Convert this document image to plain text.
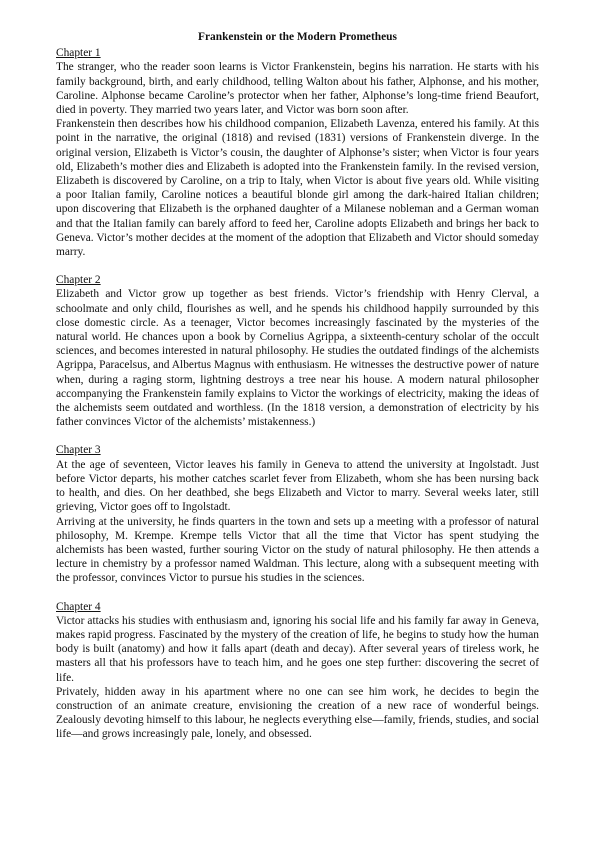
Frankenstein or the Modern Prometheus
Chapter 1

The stranger, who the reader soon learns is Victor Frankenstein, begins his narration. He starts with his family background, birth, and early childhood, telling Walton about his father, Alphonse, and his mother, Caroline. Alphonse became Caroline’s protector when her father, Alphonse’s long-time friend Beaufort, died in poverty. They married two years later, and Victor was born soon after.

Frankenstein then describes how his childhood companion, Elizabeth Lavenza, entered his family. At this point in the narrative, the original (1818) and revised (1831) versions of Frankenstein diverge. In the original version, Elizabeth is Victor’s cousin, the daughter of Alphonse’s sister; when Victor is four years old, Elizabeth’s mother dies and Elizabeth is adopted into the Frankenstein family. In the revised version, Elizabeth is discovered by Caroline, on a trip to Italy, when Victor is about five years old. While visiting a poor Italian family, Caroline notices a beautiful blonde girl among the dark-haired Italian children; upon discovering that Elizabeth is the orphaned daughter of a Milanese nobleman and a German woman and that the Italian family can barely afford to feed her, Caroline adopts Elizabeth and brings her back to Geneva. Victor’s mother decides at the moment of the adoption that Elizabeth and Victor should someday marry.

Chapter 2

Elizabeth and Victor grow up together as best friends. Victor’s friendship with Henry Clerval, a schoolmate and only child, flourishes as well, and he spends his childhood happily surrounded by this close domestic circle. As a teenager, Victor becomes increasingly fascinated by the mysteries of the natural world. He chances upon a book by Cornelius Agrippa, a sixteenth-century scholar of the occult sciences, and becomes interested in natural philosophy. He studies the outdated findings of the alchemists Agrippa, Paracelsus, and Albertus Magnus with enthusiasm. He witnesses the destructive power of nature when, during a raging storm, lightning destroys a tree near his house. A modern natural philosopher accompanying the Frankenstein family explains to Victor the workings of electricity, making the ideas of the alchemists seem outdated and worthless. (In the 1818 version, a demonstration of electricity by his father convinces Victor of the alchemists’ mistakenness.)

Chapter 3

At the age of seventeen, Victor leaves his family in Geneva to attend the university at Ingolstadt. Just before Victor departs, his mother catches scarlet fever from Elizabeth, whom she has been nursing back to health, and dies. On her deathbed, she begs Elizabeth and Victor to marry. Several weeks later, still grieving, Victor goes off to Ingolstadt.

Arriving at the university, he finds quarters in the town and sets up a meeting with a professor of natural philosophy, M. Krempe. Krempe tells Victor that all the time that Victor has spent studying the alchemists has been wasted, further souring Victor on the study of natural philosophy. He then attends a lecture in chemistry by a professor named Waldman. This lecture, along with a subsequent meeting with the professor, convinces Victor to pursue his studies in the sciences.

Chapter 4

Victor attacks his studies with enthusiasm and, ignoring his social life and his family far away in Geneva, makes rapid progress. Fascinated by the mystery of the creation of life, he begins to study how the human body is built (anatomy) and how it falls apart (death and decay). After several years of tireless work, he masters all that his professors have to teach him, and he goes one step further: discovering the secret of life.

Privately, hidden away in his apartment where no one can see him work, he decides to begin the construction of an animate creature, envisioning the creation of a new race of wonderful beings. Zealously devoting himself to this labour, he neglects everything else—family, friends, studies, and social life—and grows increasingly pale, lonely, and obsessed.
